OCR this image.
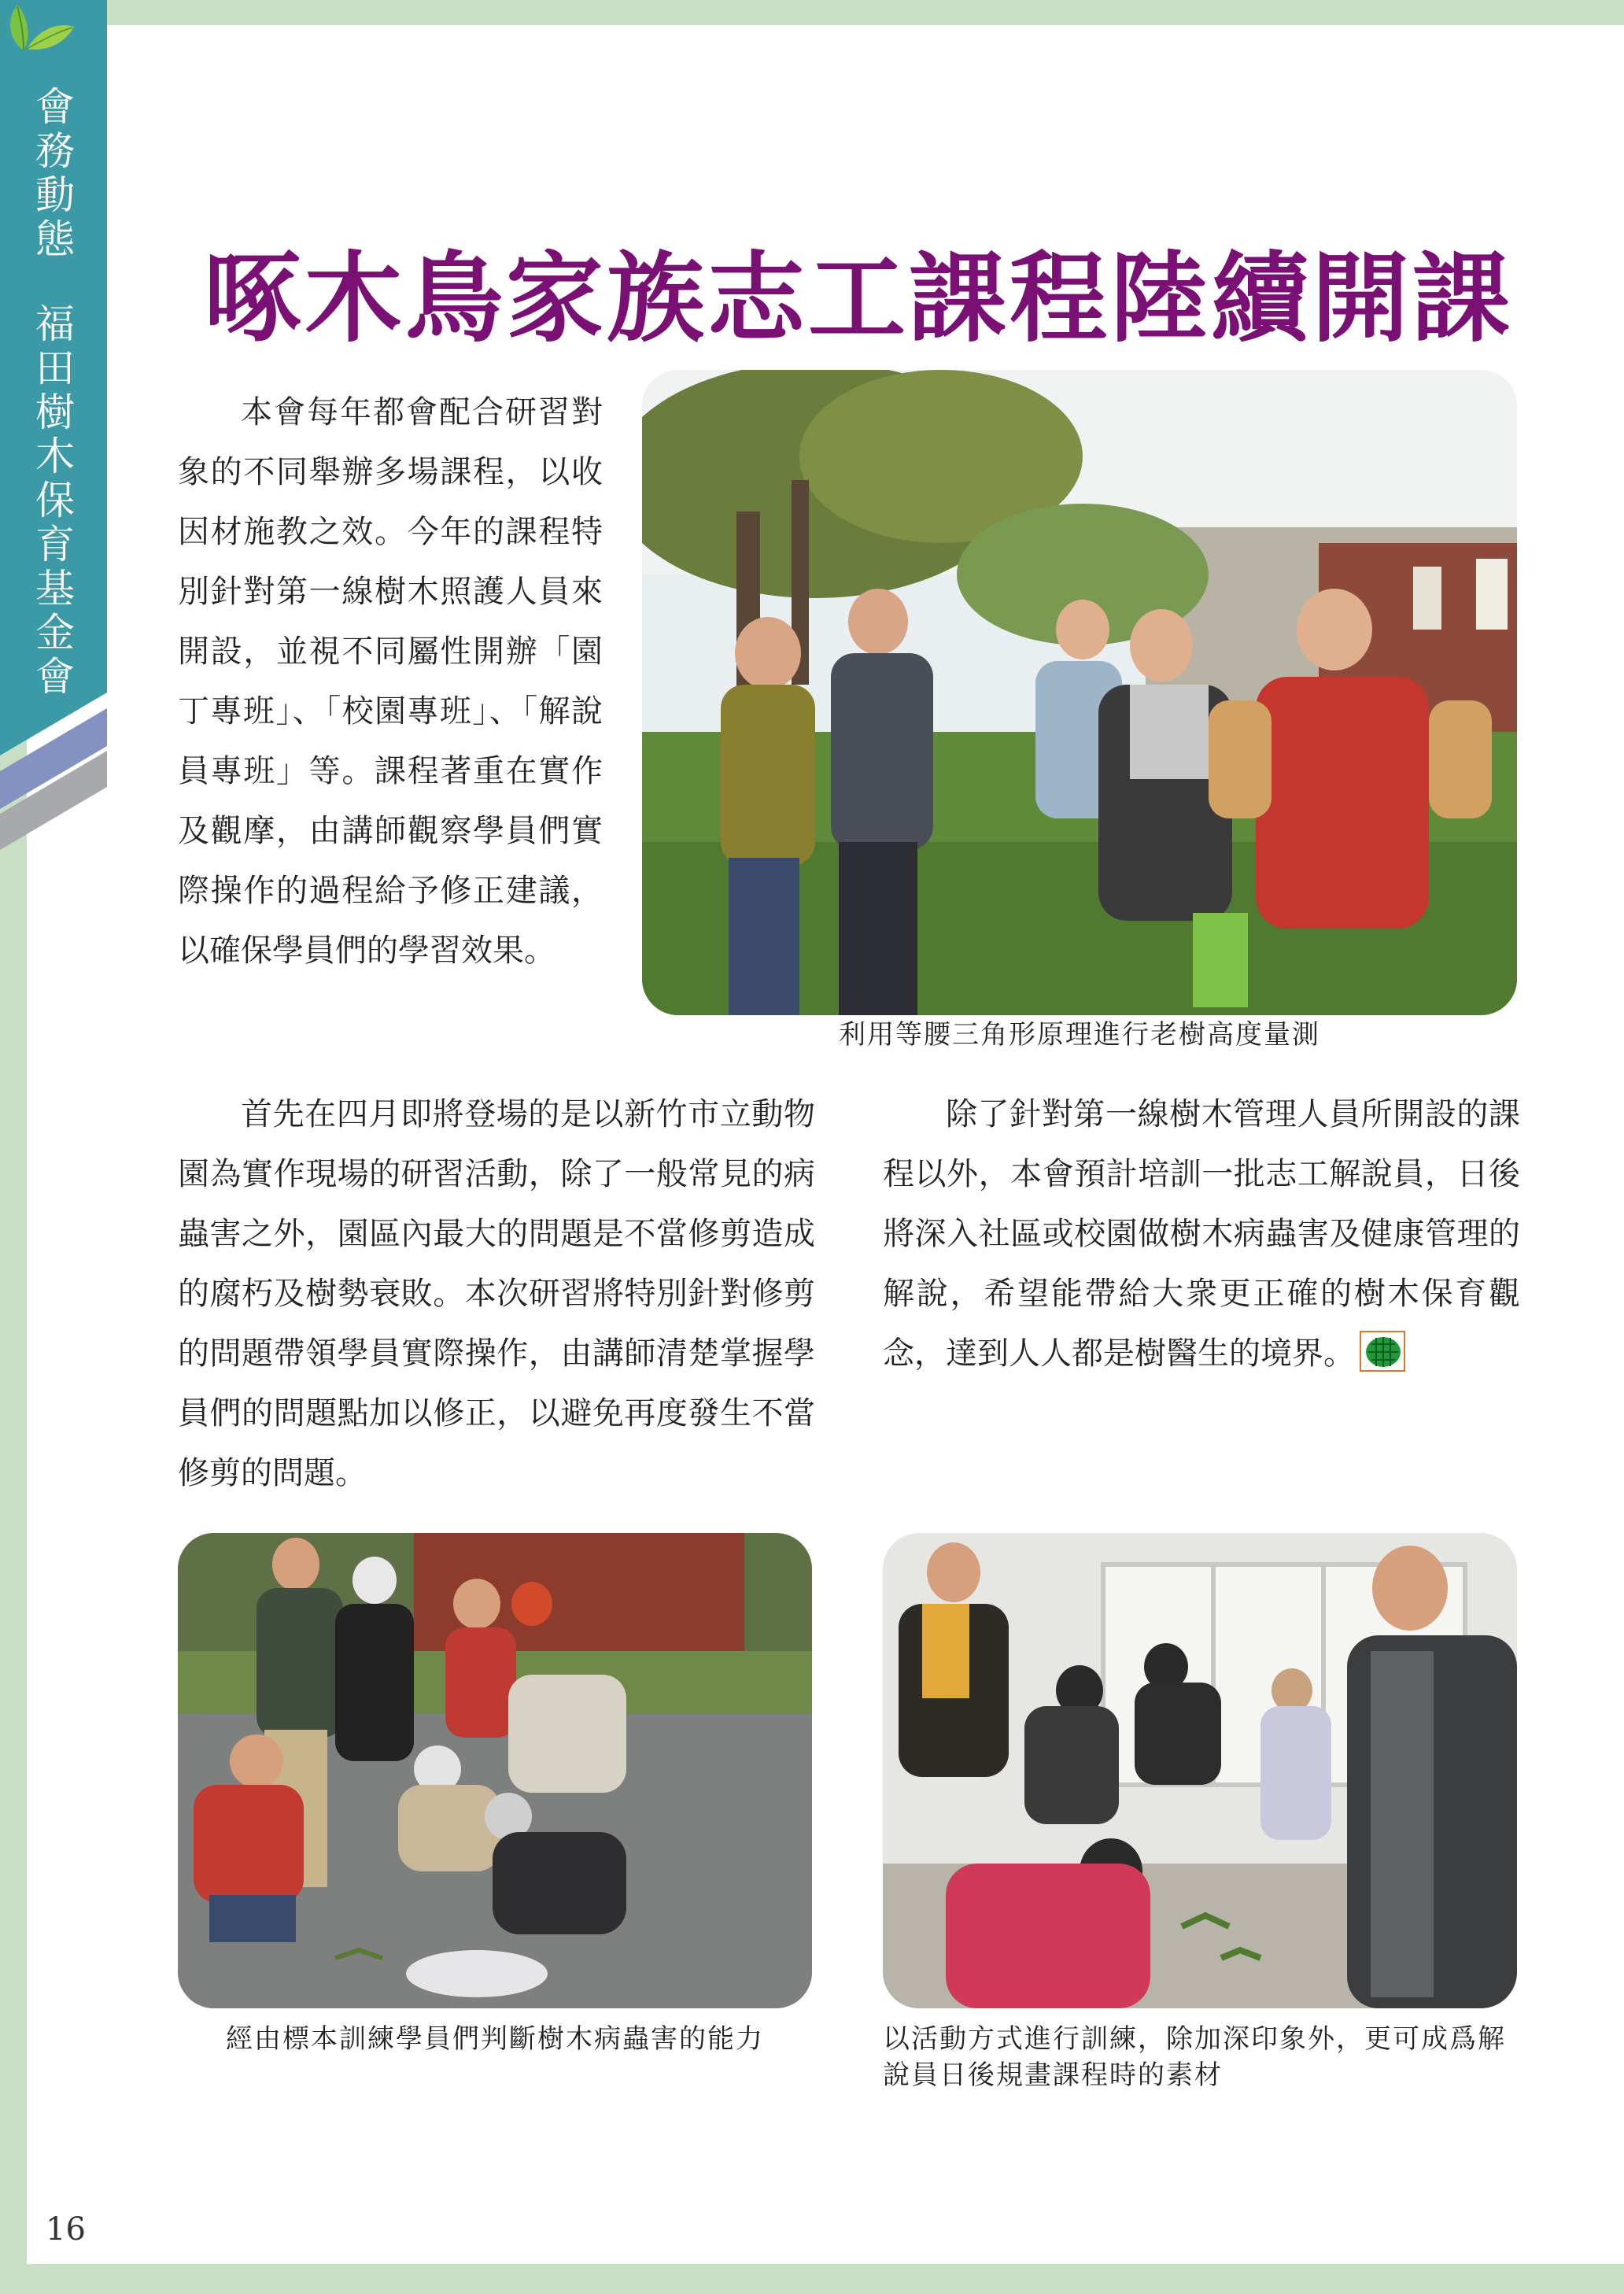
會務動態
福田樹木保育基金會
啄木鳥家族志工課程陸續開課
本會每年都會配合研習對象的不同舉辦多場課程，以收因材施教之效。今年的課程特別針對第一線樹木照護人員來開設，並視不同屬性開辦「園丁專班」、「校園專班」、「解說員專班」等。課程著重在實作及觀摩，由講師觀察學員們實際操作的過程給予修正建議，以確保學員們的學習效果。
利用等腰三角形原理進行老樹高度量測
首先在四月即將登場的是以新竹市立動物園為實作現場的研習活動，除了一般常見的病蟲害之外，園區內最大的問題是不當修剪造成的腐朽及樹勢衰敗。本次研習將特別針對修剪的問題帶領學員實際操作，由講師清楚掌握學員們的問題點加以修正，以避免再度發生不當修剪的問題。
除了針對第一線樹木管理人員所開設的課程以外，本會預計培訓一批志工解說員，日後將深入社區或校園做樹木病蟲害及健康管理的解說，希望能帶給大衆更正確的樹木保育觀念，達到人人都是樹醫生的境界。
經由標本訓練學員們判斷樹木病蟲害的能力	以活動方式進行訓練，除加深印象外，更可成爲解說員日後規畫課程時的素材
16
